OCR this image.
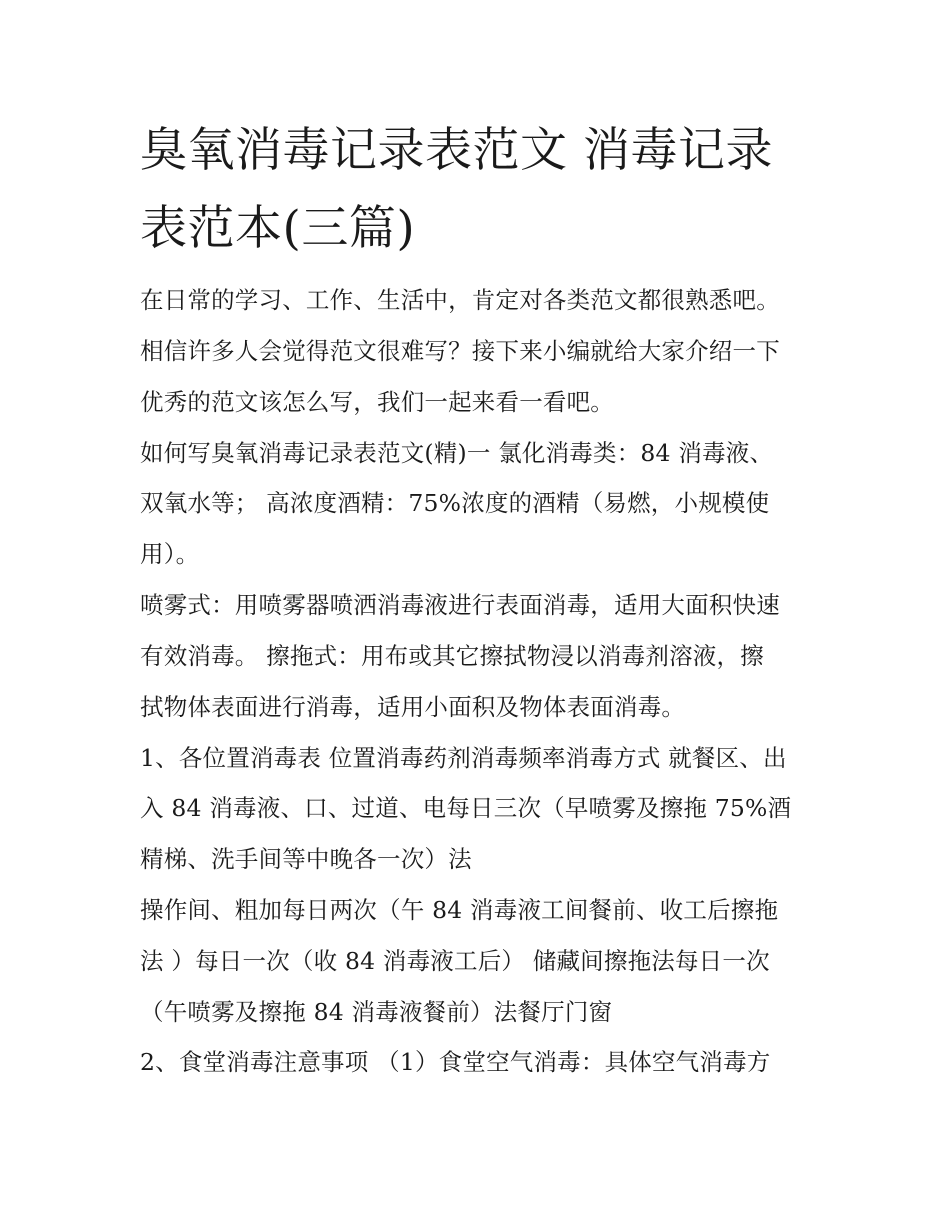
臭氧消毒记录表范文 消毒记录
表范本(三篇)
在日常的学习、工作、生活中，肯定对各类范文都很熟悉吧。
相信许多人会觉得范文很难写？接下来小编就给大家介绍一下
优秀的范文该怎么写，我们一起来看一看吧。
如何写臭氧消毒记录表范文(精)一 氯化消毒类：84 消毒液、
双氧水等； 高浓度酒精：75%浓度的酒精（易燃，小规模使
用）。
喷雾式：用喷雾器喷洒消毒液进行表面消毒，适用大面积快速
有效消毒。 擦拖式：用布或其它擦拭物浸以消毒剂溶液，擦
拭物体表面进行消毒，适用小面积及物体表面消毒。
1、各位置消毒表 位置消毒药剂消毒频率消毒方式 就餐区、出
入 84 消毒液、口、过道、电每日三次（早喷雾及擦拖 75%酒
精梯、洗手间等中晚各一次）法
操作间、粗加每日两次（午 84 消毒液工间餐前、收工后擦拖
法 ）每日一次（收 84 消毒液工后） 储藏间擦拖法每日一次
（午喷雾及擦拖 84 消毒液餐前）法餐厅门窗
2、食堂消毒注意事项 （1）食堂空气消毒：具体空气消毒方
